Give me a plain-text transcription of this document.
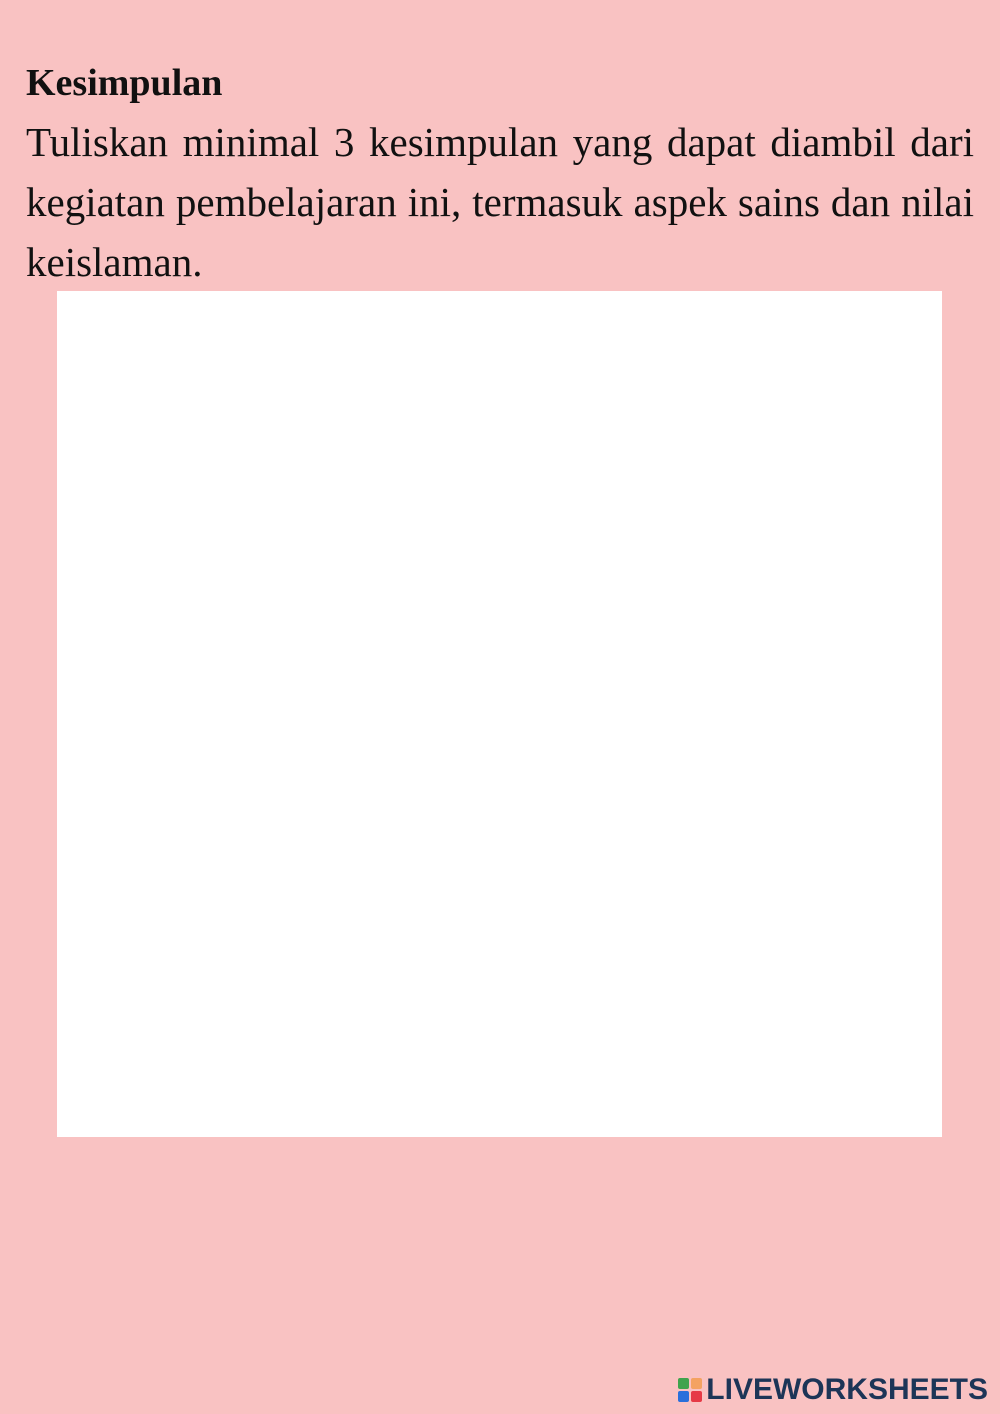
Kesimpulan

Tuliskan minimal 3 kesimpulan yang dapat diambil dari kegiatan pembelajaran ini, termasuk aspek sains dan nilai keislaman.

LIVEWORKSHEETS
